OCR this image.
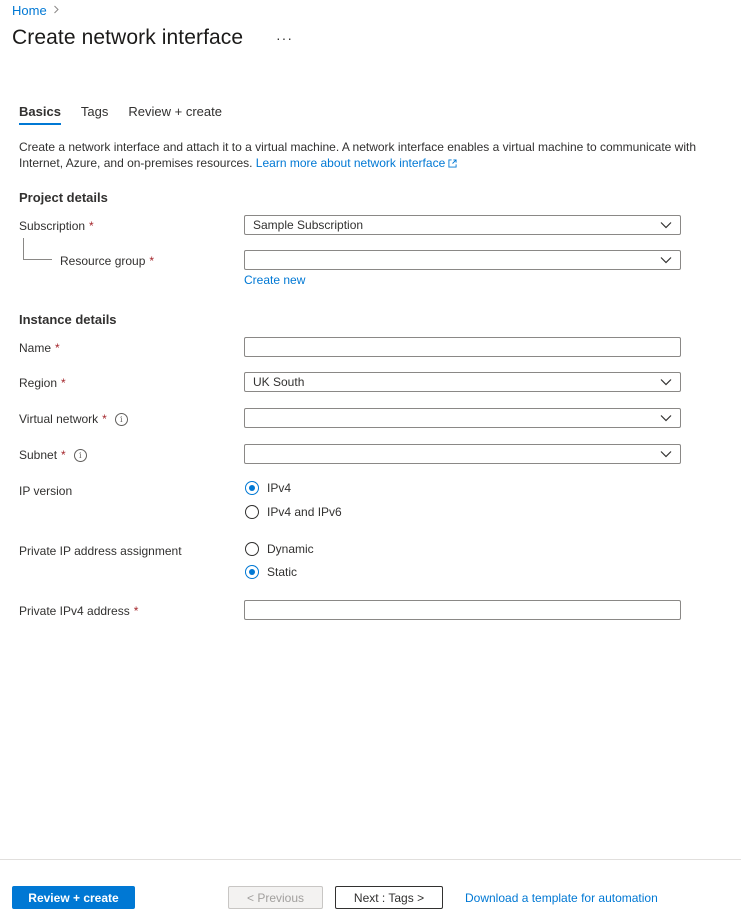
Home
Create network interface ···
Basics Tags Review + create
Create a network interface and attach it to a virtual machine. A network interface enables a virtual machine to communicate with Internet, Azure, and on-premises resources. Learn more about network interface
Project details
Subscription *	Sample Subscription
Resource group *
Create new
Instance details
Name *
Region *	UK South
Virtual network *	i
Subnet *	i
IP version	IPv4
IPv4 and IPv6
Private IP address assignment	Dynamic
Static
Private IPv4 address *
Review + create	< Previous	Next : Tags >	Download a template for automation
